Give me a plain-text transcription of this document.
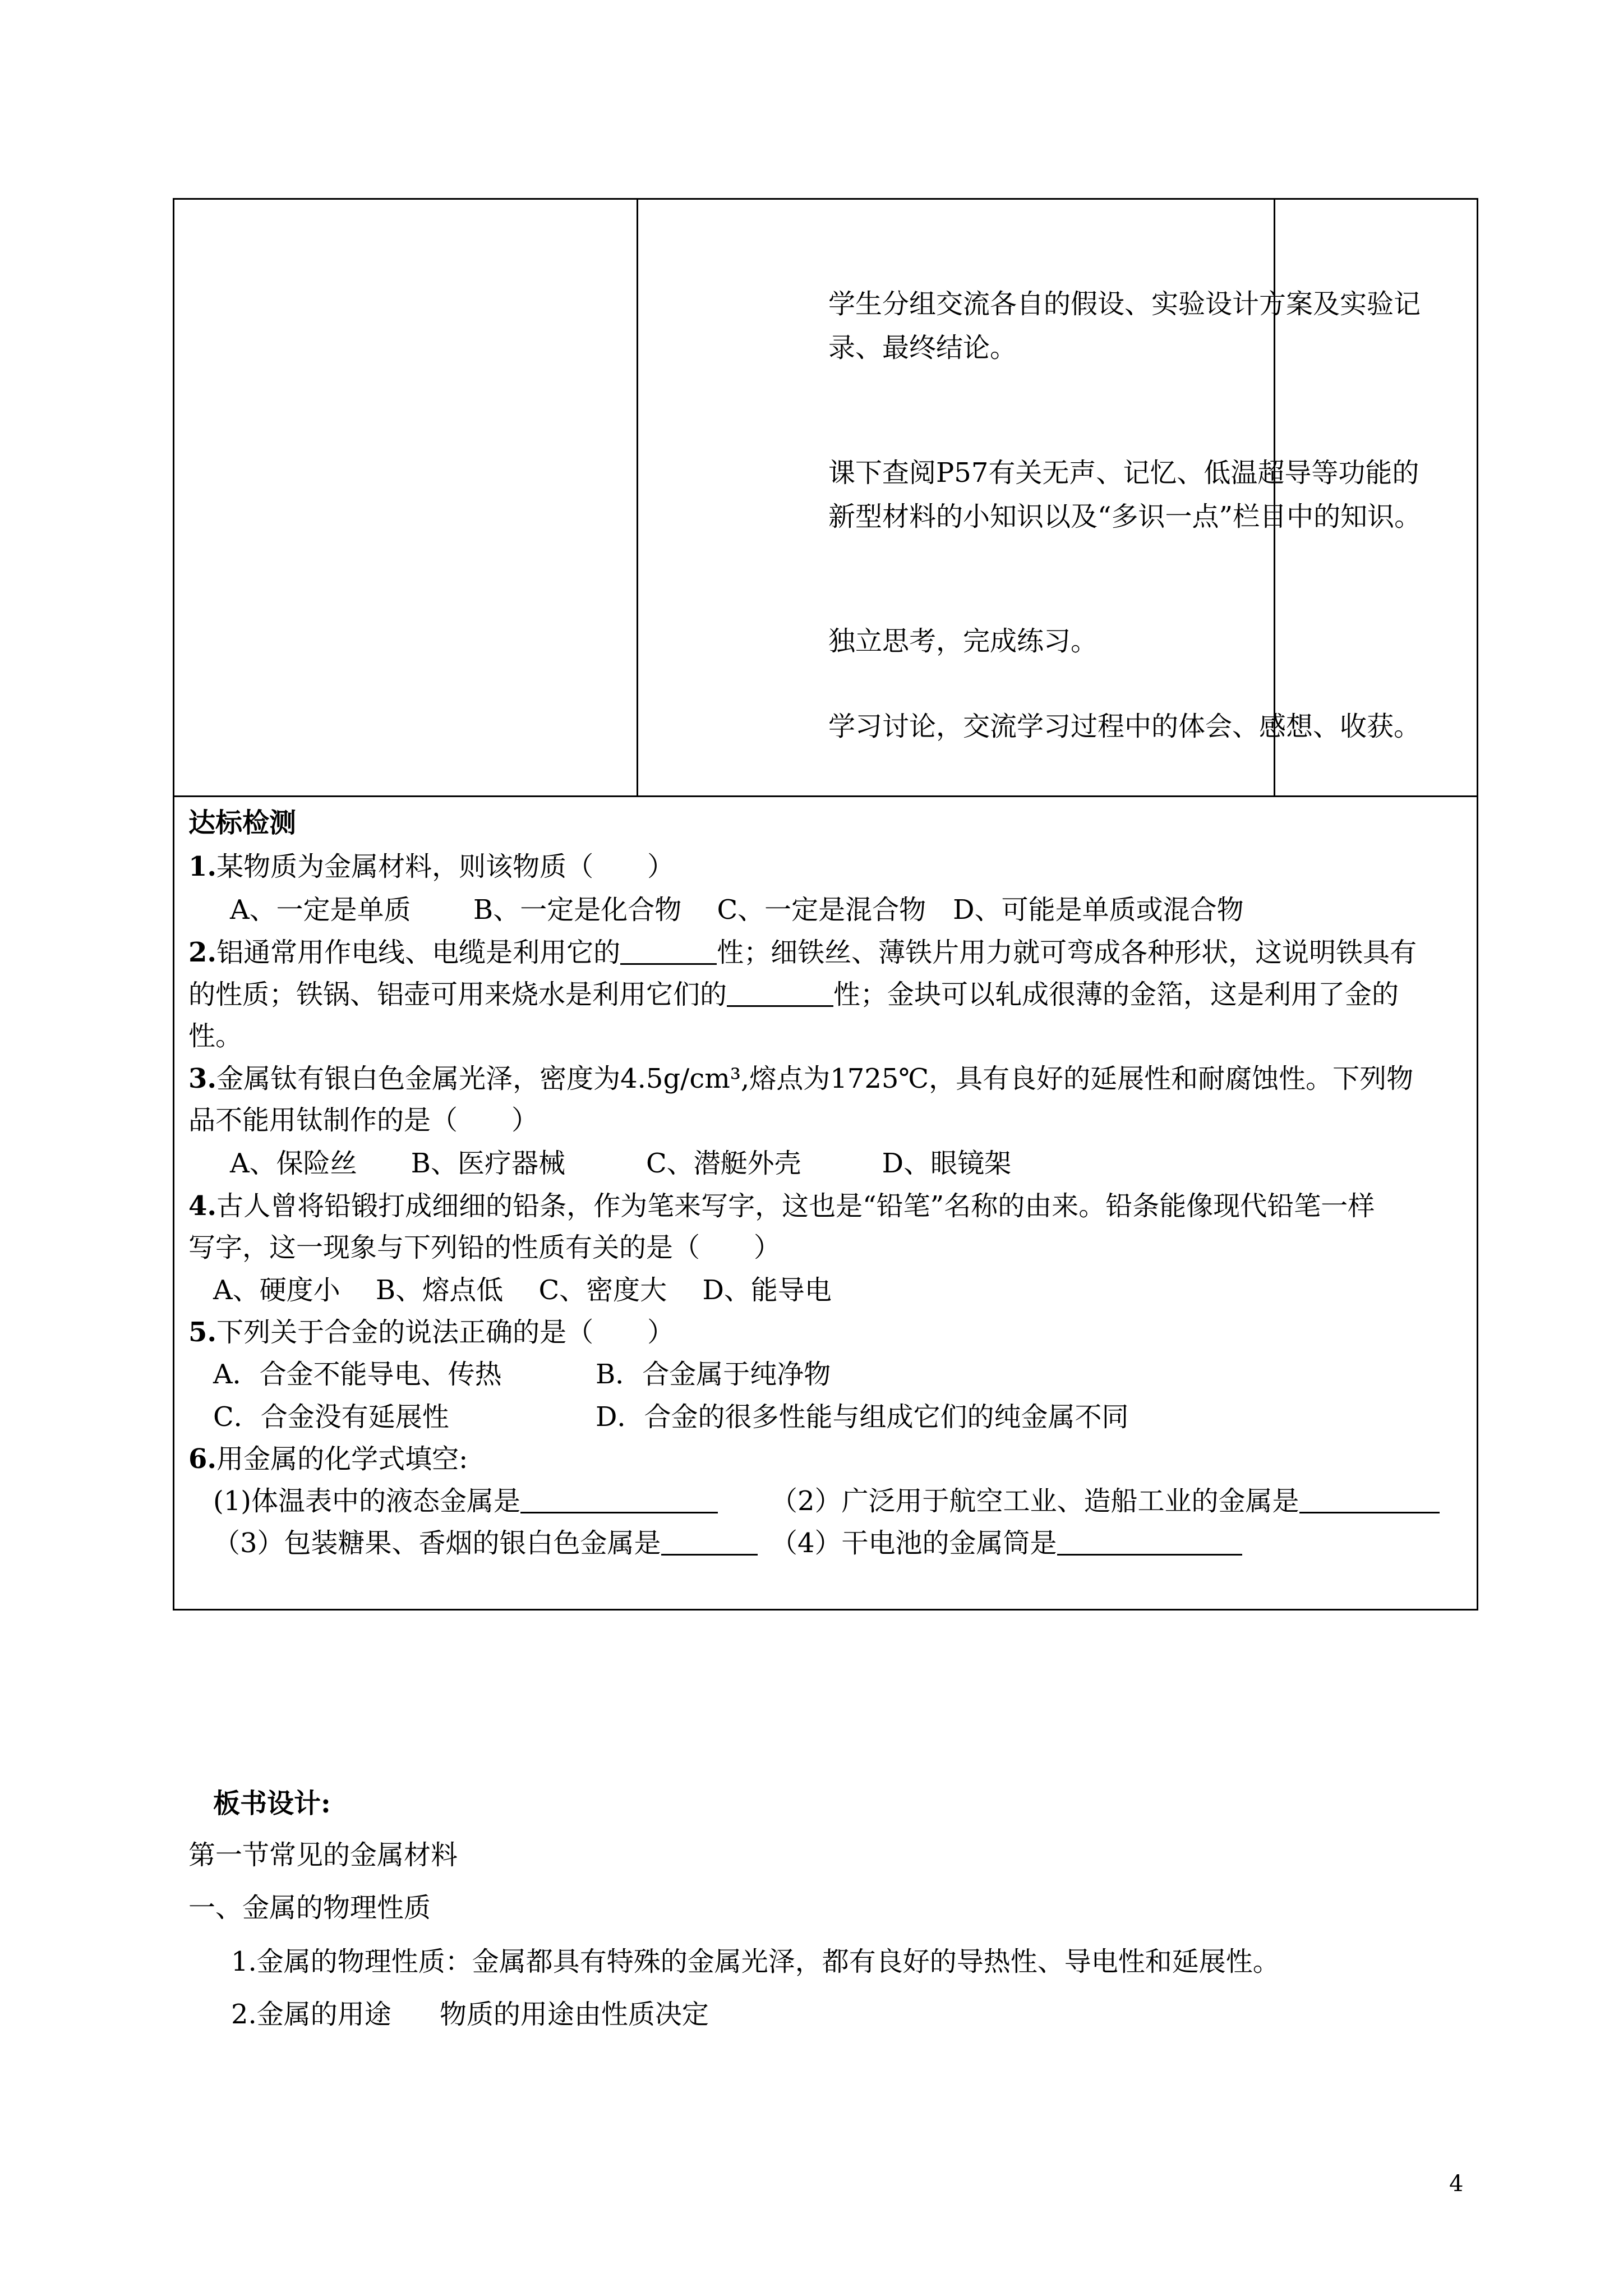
学生分组交流各自的假设、实验设计方案及实验记录、最终结论。
课下查阅P57有关无声、记忆、低温超导等功能的新型材料的小知识以及“多识一点”栏目中的知识。
独立思考，完成练习。
学习讨论，交流学习过程中的体会、感想、收获。
达标检测
1.某物质为金属材料，则该物质（　　）
A、一定是单质　　 B、一定是化合物　 C、一定是混合物　D、可能是单质或混合物
2.铝通常用作电线、电缆是利用它的	性；细铁丝、薄铁片用力就可弯成各种形状，这说明铁具有
的性质；铁锅、铝壶可用来烧水是利用它们的	性；金块可以轧成很薄的金箔，这是利用了金的
性。
3.金属钛有银白色金属光泽，密度为4.5g/cm³,熔点为1725℃，具有良好的延展性和耐腐蚀性。下列物
品不能用钛制作的是（　　）
A、保险丝　　B、医疗器械　　　C、潜艇外壳　　　D、眼镜架
4.古人曾将铅锻打成细细的铅条，作为笔来写字，这也是“铅笔”名称的由来。铅条能像现代铅笔一样
写字，这一现象与下列铅的性质有关的是（　　）
A、硬度小　 B、熔点低　 C、密度大　 D、能导电
5.下列关于合金的说法正确的是（　　）
A．合金不能导电、传热	B．合金属于纯净物
C．合金没有延展性	D．合金的很多性能与组成它们的纯金属不同
6.用金属的化学式填空:
(1)体温表中的液态金属是	（2）广泛用于航空工业、造船工业的金属是
（3）包装糖果、香烟的银白色金属是	（4）干电池的金属筒是
板书设计:
第一节常见的金属材料
一、金属的物理性质
1.金属的物理性质：金属都具有特殊的金属光泽，都有良好的导热性、导电性和延展性。
2.金属的用途 物质的用途由性质决定
4
